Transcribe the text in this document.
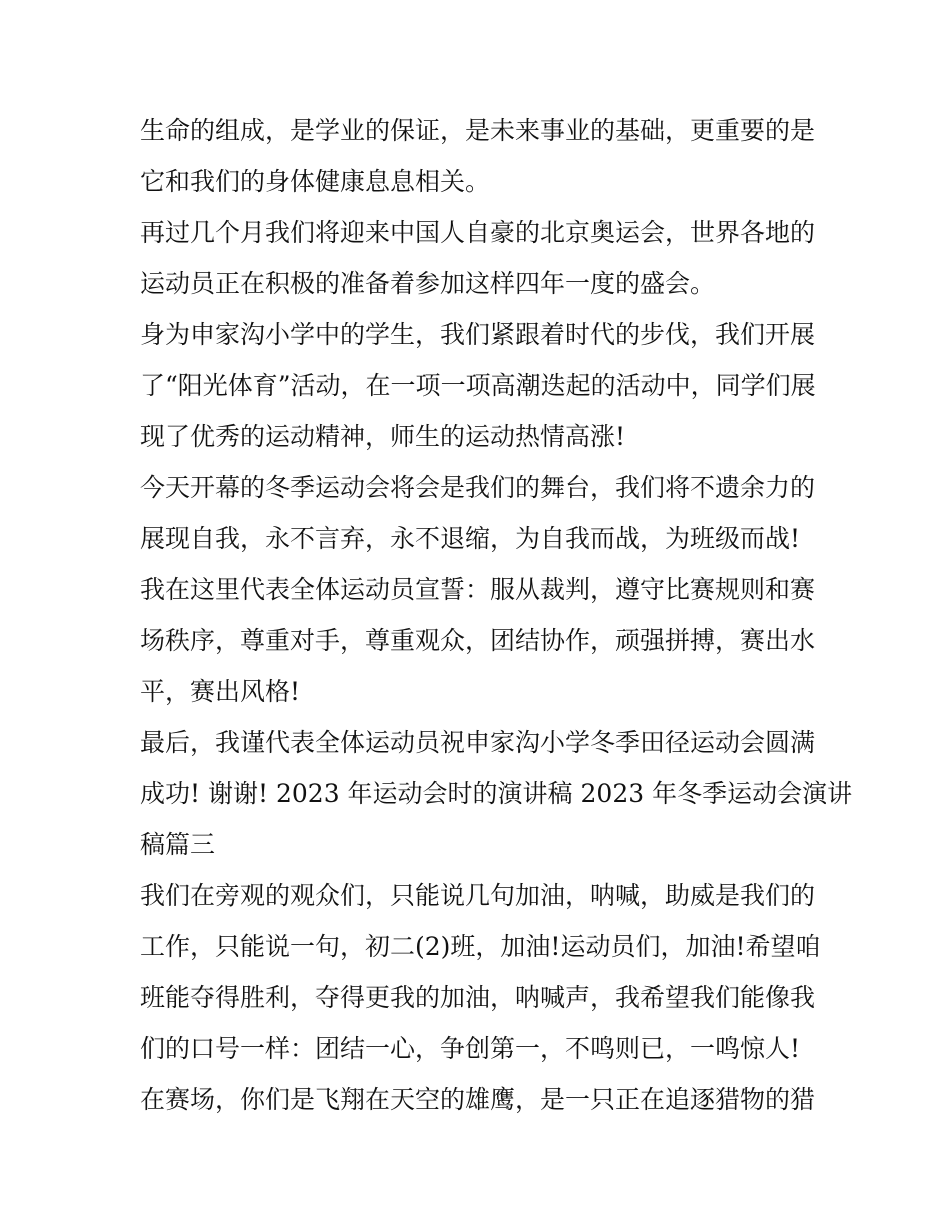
生命的组成，是学业的保证，是未来事业的基础，更重要的是
它和我们的身体健康息息相关。
再过几个月我们将迎来中国人自豪的北京奥运会，世界各地的
运动员正在积极的准备着参加这样四年一度的盛会。
身为申家沟小学中的学生，我们紧跟着时代的步伐，我们开展
了“阳光体育”活动，在一项一项高潮迭起的活动中，同学们展
现了优秀的运动精神，师生的运动热情高涨!
今天开幕的冬季运动会将会是我们的舞台，我们将不遗余力的
展现自我，永不言弃，永不退缩，为自我而战，为班级而战!
我在这里代表全体运动员宣誓：服从裁判，遵守比赛规则和赛
场秩序，尊重对手，尊重观众，团结协作，顽强拼搏，赛出水
平，赛出风格!
最后，我谨代表全体运动员祝申家沟小学冬季田径运动会圆满
成功! 谢谢! 2023 年运动会时的演讲稿 2023 年冬季运动会演讲
稿篇三
我们在旁观的观众们，只能说几句加油，呐喊，助威是我们的
工作，只能说一句，初二(2)班，加油!运动员们，加油!希望咱
班能夺得胜利，夺得更我的加油，呐喊声，我希望我们能像我
们的口号一样：团结一心，争创第一，不鸣则已，一鸣惊人!
在赛场，你们是飞翔在天空的雄鹰，是一只正在追逐猎物的猎
